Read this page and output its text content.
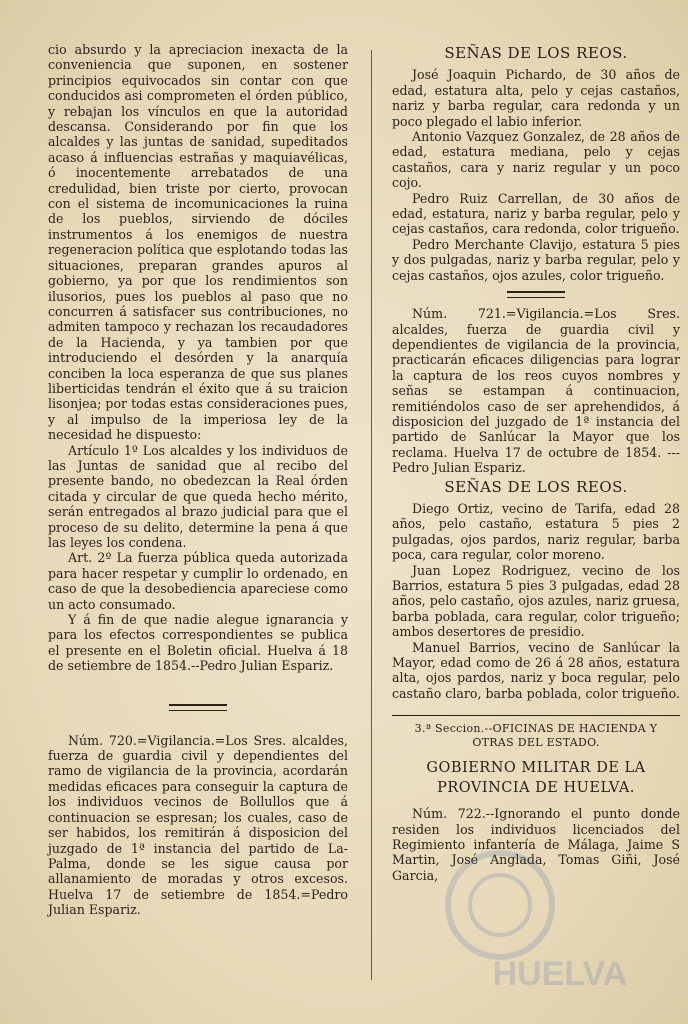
cio absurdo y la apreciacion inexacta de la conveniencia que suponen, en sostener principios equivocados sin contar con que conducidos asi comprometen el órden público, y rebajan los vínculos en que la autoridad descansa. Considerando por fin que los alcaldes y las juntas de sanidad, supeditados acaso á influencias estrañas y maquiavélicas, ó inocentemente arrebatados de una credulidad, bien triste por cierto, provocan con el sistema de incomunicaciones la ruina de los pueblos, sirviendo de dóciles instrumentos á los enemigos de nuestra regeneracion política que esplotando todas las situaciones, preparan grandes apuros al gobierno, ya por que los rendimientos son ilusorios, pues los pueblos al paso que no concurren á satisfacer sus contribuciones, no admiten tampoco y rechazan los recaudadores de la Hacienda, y ya tambien por que introduciendo el desórden y la anarquía conciben la loca esperanza de que sus planes liberticidas tendrán el éxito que á su traicion lisonjea; por todas estas consideraciones pues, y al impulso de la imperiosa ley de la necesidad he dispuesto:

Artículo 1º Los alcaldes y los individuos de las Juntas de sanidad que al recibo del presente bando, no obedezcan la Real órden citada y circular de que queda hecho mérito, serán entregados al brazo judicial para que el proceso de su delito, determine la pena á que las leyes los condena.

Art. 2º La fuerza pública queda autorizada para hacer respetar y cumplir lo ordenado, en caso de que la desobediencia apareciese como un acto consumado.

Y á fin de que nadie alegue ignarancia y para los efectos correspondientes se publica el presente en el Boletin oficial. Huelva á 18 de setiembre de 1854.--Pedro Julian Espariz.

Núm. 720.=Vigilancia.=Los Sres. alcaldes, fuerza de guardia civil y dependientes del ramo de vigilancia de la provincia, acordarán medidas eficaces para conseguir la captura de los individuos vecinos de Bollullos que á continuacion se espresan; los cuales, caso de ser habidos, los remitirán á disposicion del juzgado de 1ª instancia del partido de La-Palma, donde se les sigue causa por allanamiento de moradas y otros excesos. Huelva 17 de setiembre de 1854.=Pedro Julian Espariz.

SEÑAS DE LOS REOS.

José Joaquin Pichardo, de 30 años de edad, estatura alta, pelo y cejas castaños, nariz y barba regular, cara redonda y un poco plegado el labio inferior.

Antonio Vazquez Gonzalez, de 28 años de edad, estatura mediana, pelo y cejas castaños, cara y nariz regular y un poco cojo.

Pedro Ruiz Carrellan, de 30 años de edad, estatura, nariz y barba regular, pelo y cejas castaños, cara redonda, color trigueño.

Pedro Merchante Clavijo, estatura 5 pies y dos pulgadas, nariz y barba regular, pelo y cejas castaños, ojos azules, color trigueño.

Núm. 721.=Vigilancia.=Los Sres. alcaldes, fuerza de guardia civil y dependientes de vigilancia de la provincia, practicarán eficaces diligencias para lograr la captura de los reos cuyos nombres y señas se estampan á continuacion, remitiéndolos caso de ser aprehendidos, á disposicion del juzgado de 1ª instancia del partido de Sanlúcar la Mayor que los reclama. Huelva 17 de octubre de 1854. ---Pedro Julian Espariz.

SEÑAS DE LOS REOS.

Diego Ortiz, vecino de Tarifa, edad 28 años, pelo castaño, estatura 5 pies 2 pulgadas, ojos pardos, nariz regular, barba poca, cara regular, color moreno.

Juan Lopez Rodriguez, vecino de los Barrios, estatura 5 pies 3 pulgadas, edad 28 años, pelo castaño, ojos azules, nariz gruesa, barba poblada, cara regular, color trigueño; ambos desertores de presidio.

Manuel Barrios, vecino de Sanlúcar la Mayor, edad como de 26 á 28 años, estatura alta, ojos pardos, nariz y boca regular, pelo castaño claro, barba poblada, color trigueño.

3.ª Seccion.--OFICINAS DE HACIENDA Y OTRAS DEL ESTADO.
GOBIERNO MILITAR DE LA PROVINCIA DE HUELVA.

Núm. 722.--Ignorando el punto donde residen los individuos licenciados del Regimiento infantería de Málaga, Jaime S Martin, José Anglada, Tomas Giñi, José Garcia,

HUELVA
